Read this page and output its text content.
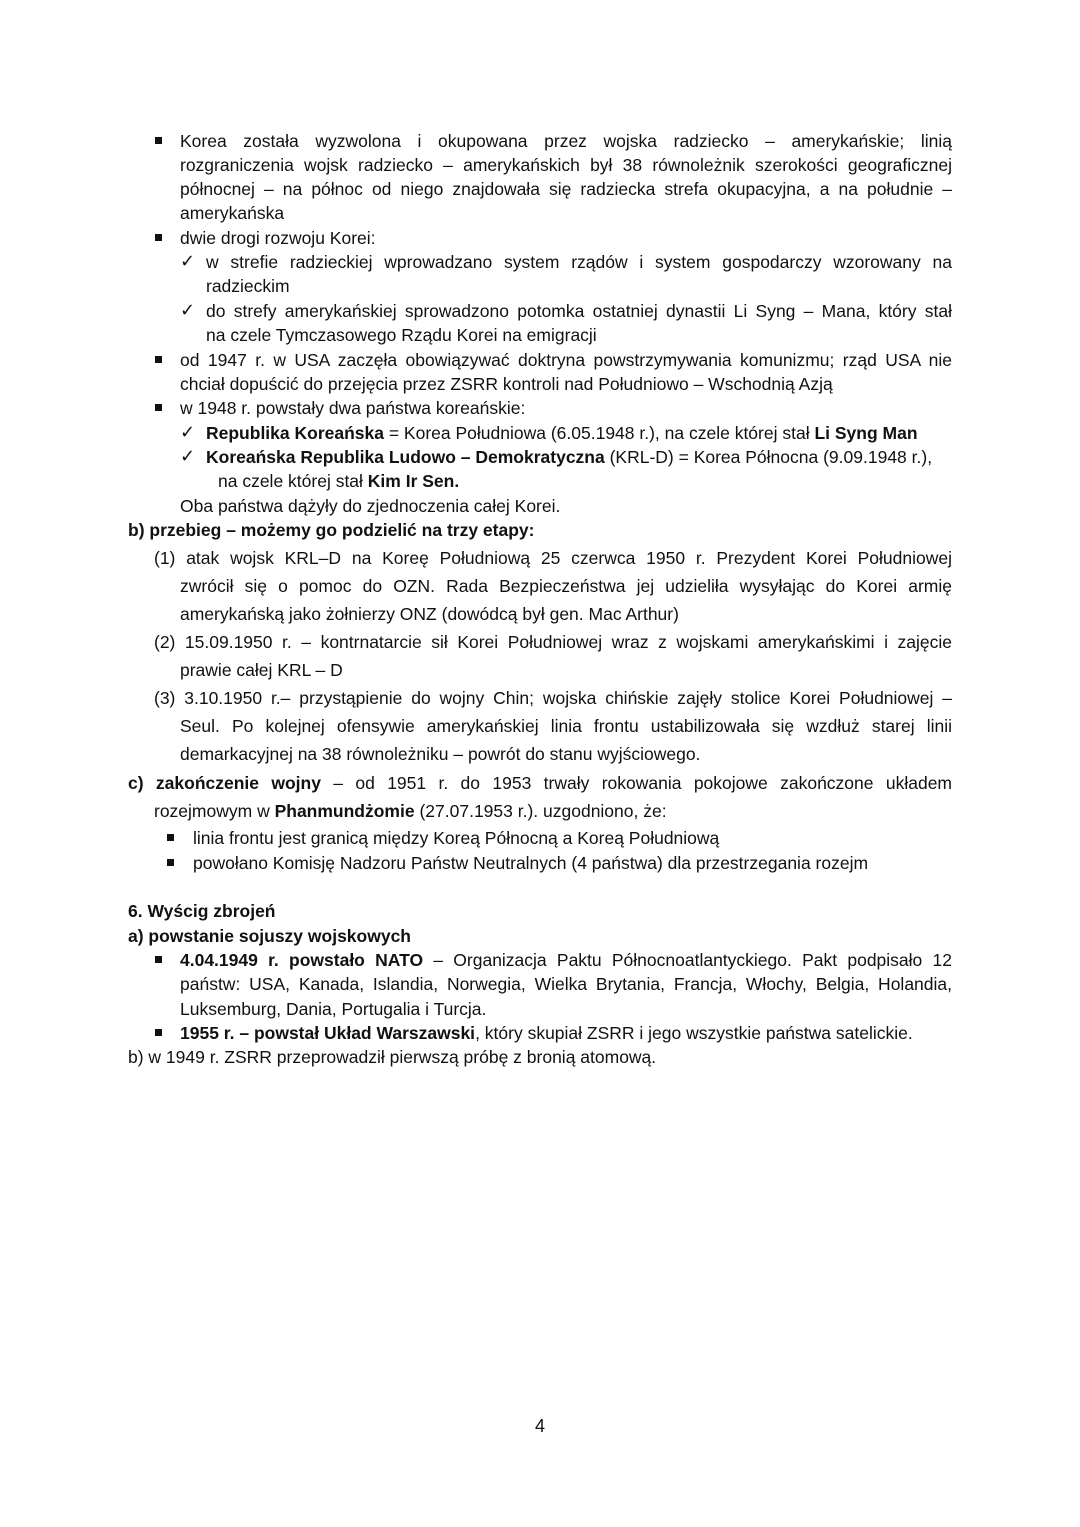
Korea została wyzwolona i okupowana przez wojska radziecko – amerykańskie; linią
rozgraniczenia wojsk radziecko – amerykańskich był 38 równoleżnik szerokości geograficznej
północnej – na północ od niego znajdowała się radziecka strefa okupacyjna, a na południe –
amerykańska
dwie drogi rozwoju Korei:
✓ w strefie radzieckiej wprowadzano system rządów i system gospodarczy wzorowany na
radzieckim
✓ do strefy amerykańskiej sprowadzono potomka ostatniej dynastii Li Syng – Mana, który stał
na czele Tymczasowego Rządu Korei na emigracji
od 1947 r. w USA zaczęła obowiązywać doktryna powstrzymywania komunizmu; rząd USA nie
chciał dopuścić do przejęcia przez ZSRR kontroli nad Południowo – Wschodnią Azją
w 1948 r. powstały dwa państwa koreańskie:
✓ Republika Koreańska = Korea Południowa (6.05.1948 r.), na czele której stał Li Syng Man
✓ Koreańska Republika Ludowo – Demokratyczna (KRL-D) = Korea Północna (9.09.1948 r.),
na czele której stał Kim Ir Sen.
Oba państwa dążyły do zjednoczenia całej Korei.
b) przebieg – możemy go podzielić na trzy etapy:
(1) atak wojsk KRL–D na Koreę Południową 25 czerwca 1950 r. Prezydent Korei Południowej
zwrócił się o pomoc do OZN. Rada Bezpieczeństwa jej udzieliła wysyłając do Korei armię
amerykańską jako żołnierzy ONZ (dowódcą był gen. Mac Arthur)
(2) 15.09.1950 r. – kontrnatarcie sił Korei Południowej wraz z wojskami amerykańskimi i zajęcie
prawie całej KRL – D
(3) 3.10.1950 r.– przystąpienie do wojny Chin; wojska chińskie zajęły stolice Korei Południowej –
Seul. Po kolejnej ofensywie amerykańskiej linia frontu ustabilizowała się wzdłuż starej linii
demarkacyjnej na 38 równoleżniku – powrót do stanu wyjściowego.
c) zakończenie wojny – od 1951 r. do 1953 trwały rokowania pokojowe zakończone układem
rozejmowym w Phanmundżomie (27.07.1953 r.). uzgodniono, że:
linia frontu jest granicą między Koreą Północną a Koreą Południową
powołano Komisję Nadzoru Państw Neutralnych (4 państwa) dla przestrzegania rozejm
6. Wyścig zbrojeń
a) powstanie sojuszy wojskowych
4.04.1949 r. powstało NATO – Organizacja Paktu Północnoatlantyckiego. Pakt podpisało 12
państw: USA, Kanada, Islandia, Norwegia, Wielka Brytania, Francja, Włochy, Belgia, Holandia,
Luksemburg, Dania, Portugalia i Turcja.
1955 r. – powstał Układ Warszawski, który skupiał ZSRR i jego wszystkie państwa satelickie.
b) w 1949 r. ZSRR przeprowadził pierwszą próbę z bronią atomową.
4
